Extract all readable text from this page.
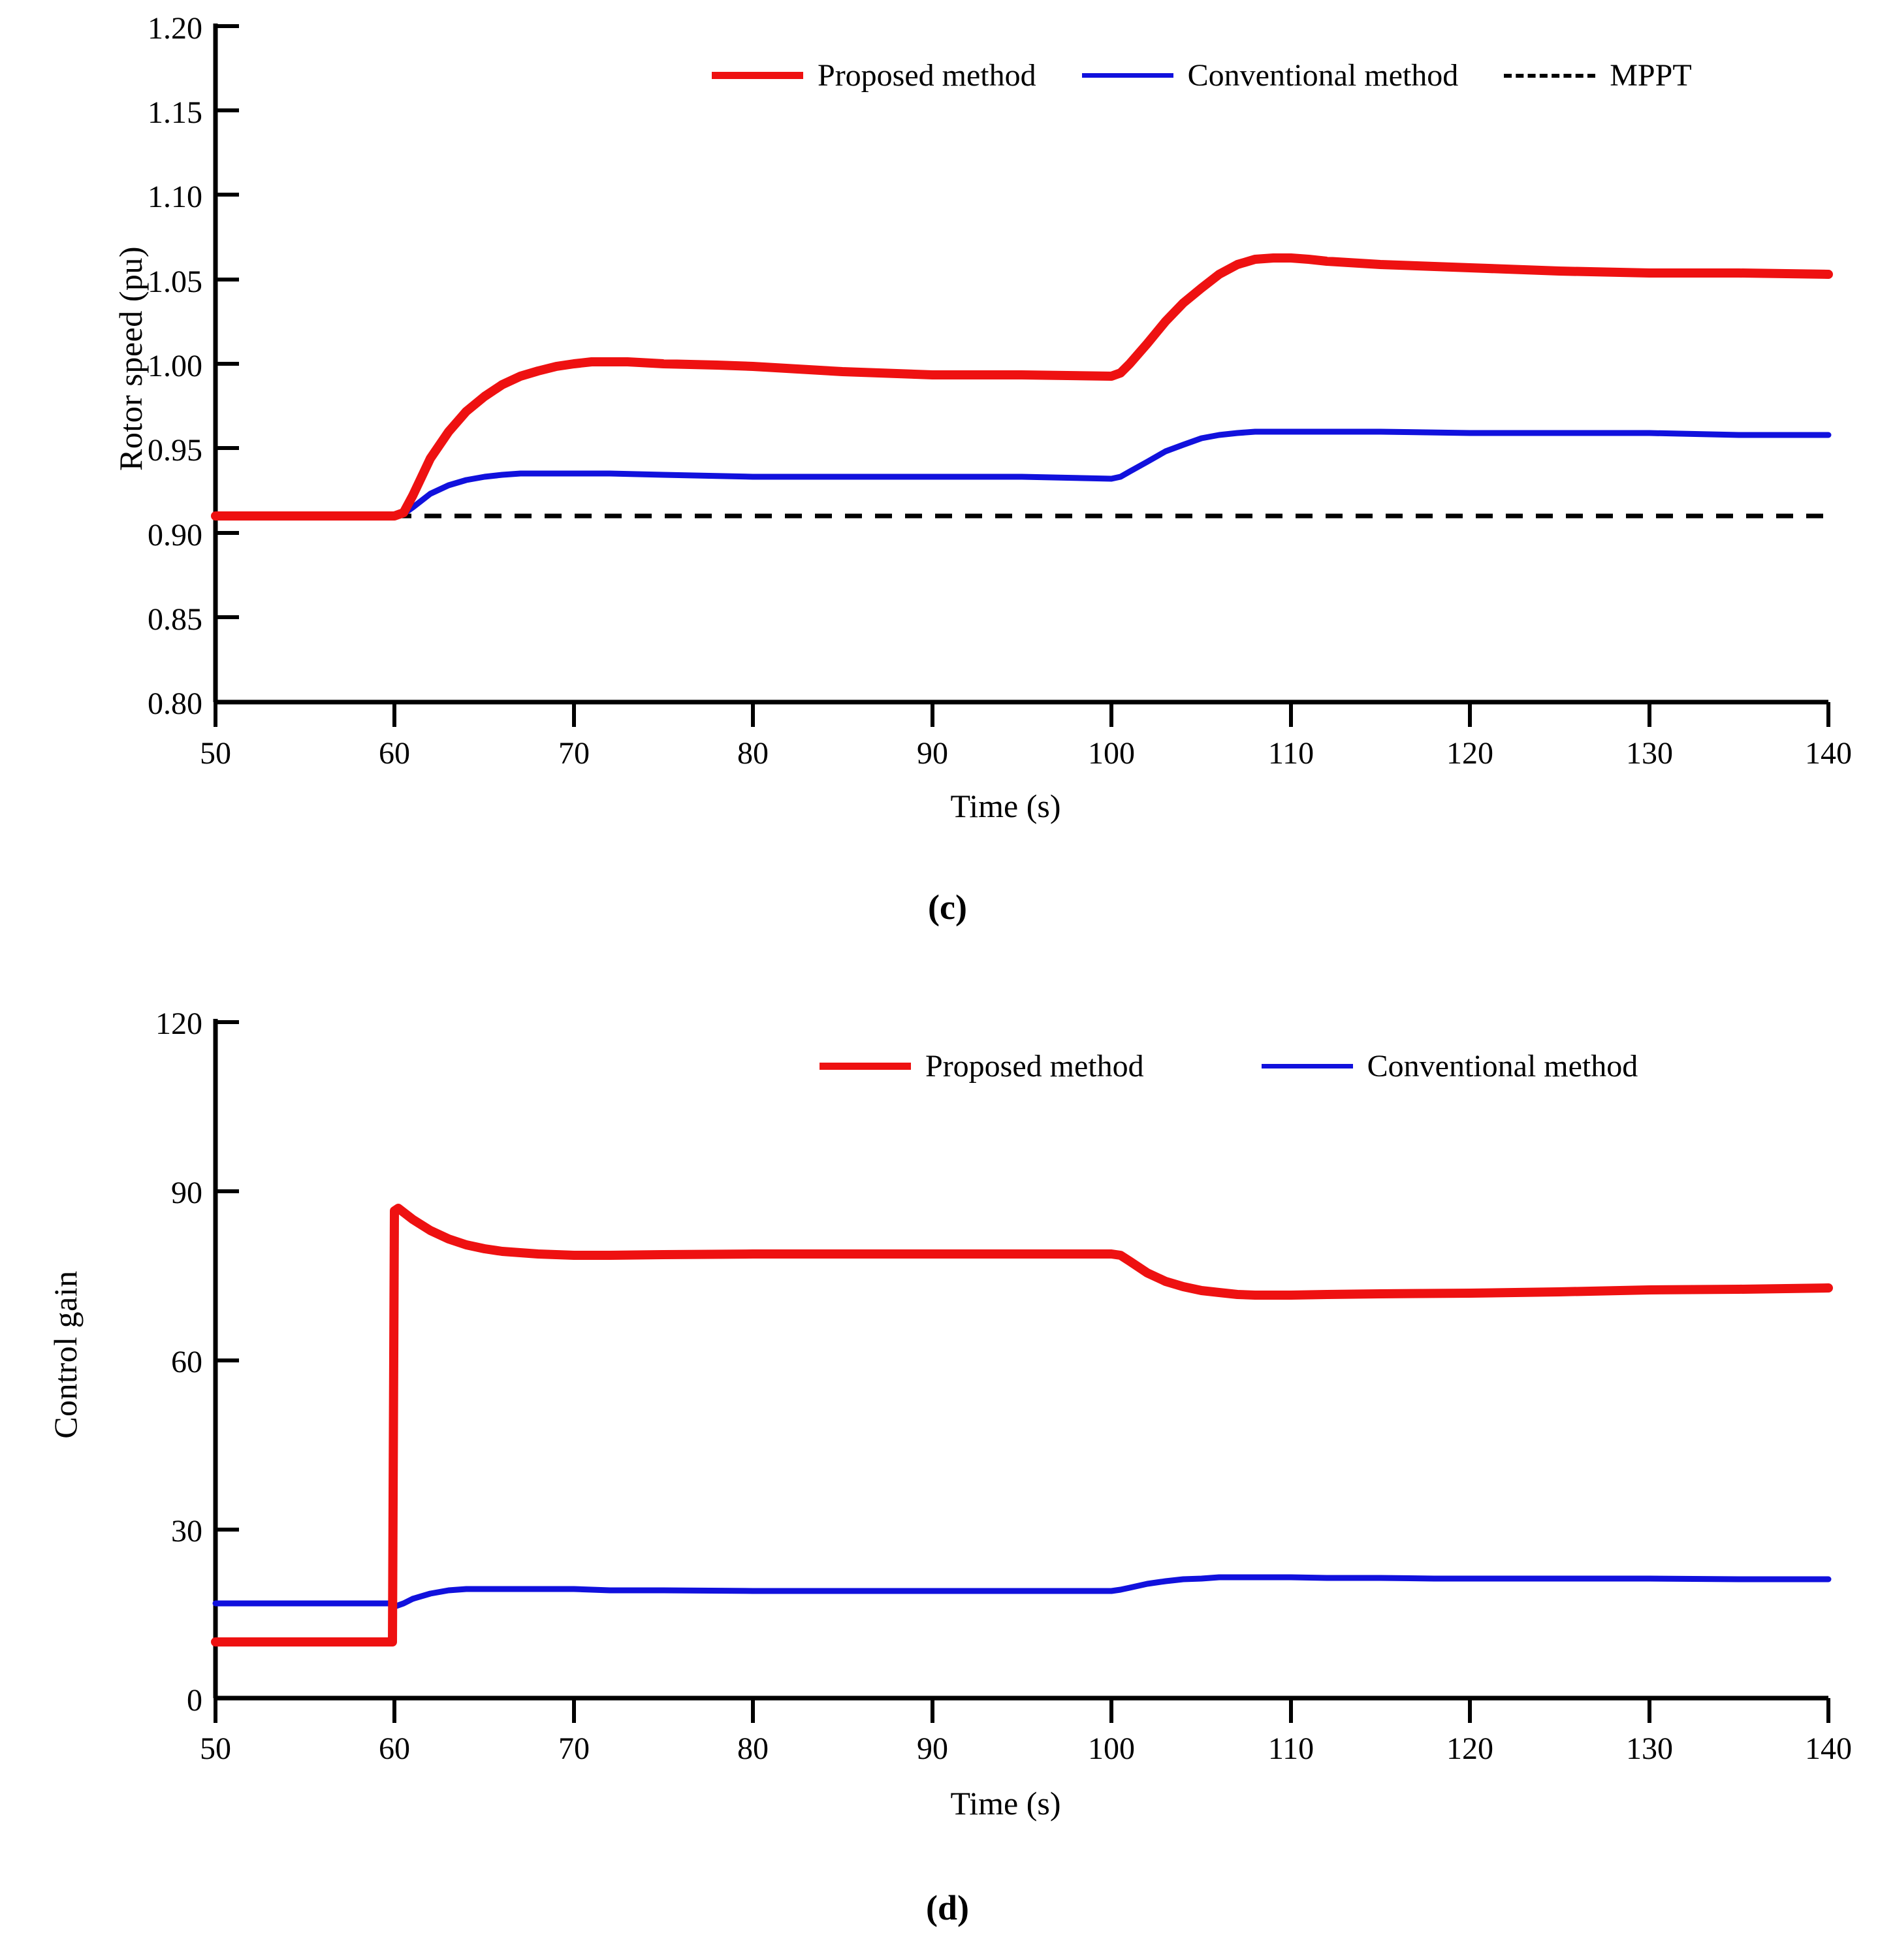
Proposed method	Conventional method	MPPT
1.20
1.15
1.10
1.05
1.00
0.95
0.90
0.85
0.80
Rotor speed (pu)
50	60	70	80	90	100	110	120	130	140
Time (s)
(c)
Proposed method	Conventional method
120
90
60
30
0
Control gain
50	60	70	80	90	100	110	120	130	140
Time (s)
(d)
